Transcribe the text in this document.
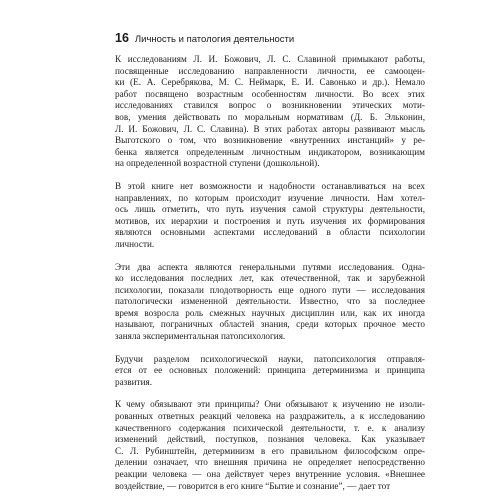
16 Личность и патология деятельности
К исследованиям Л. И. Божович, Л. С. Славиной примыкают работы,
посвященные исследованию направленности личности, ее самооцен-
ки (Е. А. Серебрякова, М. С. Неймарк, Е. И. Савонько и др.). Немало
работ посвящено возрастным особенностям личности. Во всех этих
исследованиях ставился вопрос о возникновении этических моти-
вов, умения действовать по моральным нормативам (Д. Б. Эльконин,
Л. И. Божович, Л. С. Славина). В этих работах авторы развивают мысль
Выготского о том, что возникновение «внутренних инстанций» у ре-
бенка является определенным личностным индикатором, возникающим
на определенной возрастной ступени (дошкольной).
В этой книге нет возможности и надобности останавливаться на всех
направлениях, по которым происходит изучение личности. Нам хотел-
ось лишь отметить, что путь изучения самой структуры деятельности,
мотивов, их иерархии и построения и путь изучения их формирования
являются основными аспектами исследований в области психологии
личности.
Эти два аспекта являются генеральными путями исследования. Одна-
ко исследования последних лет, как отечественной, так и зарубежной
психологии, показали плодотворность еще одного пути — исследования
патологически измененной деятельности. Известно, что за последнее
время возросла роль смежных научных дисциплин или, как их иногда
называют, пограничных областей знания, среди которых прочное место
заняла экспериментальная патопсихология.
Будучи разделом психологической науки, патопсихология отправля-
ется от ее основных положений: принципа детерминизма и принципа
развития.
К чему обязывают эти принципы? Они обязывают к изучению не изоли-
рованных ответных реакций человека на раздражитель, а к исследованию
качественного содержания психической деятельности, т. е. к анализу
изменений действий, поступков, познания человека. Как указывает
С. Л. Рубинштейн, детерминизм в его правильном философском опре-
делении означает, что внешняя причина не определяет непосредственно
реакции человека — она действует через внутренние условия. «Внешнее
воздействие, — говорится в его книге “Бытие и сознание”, — дает тот
